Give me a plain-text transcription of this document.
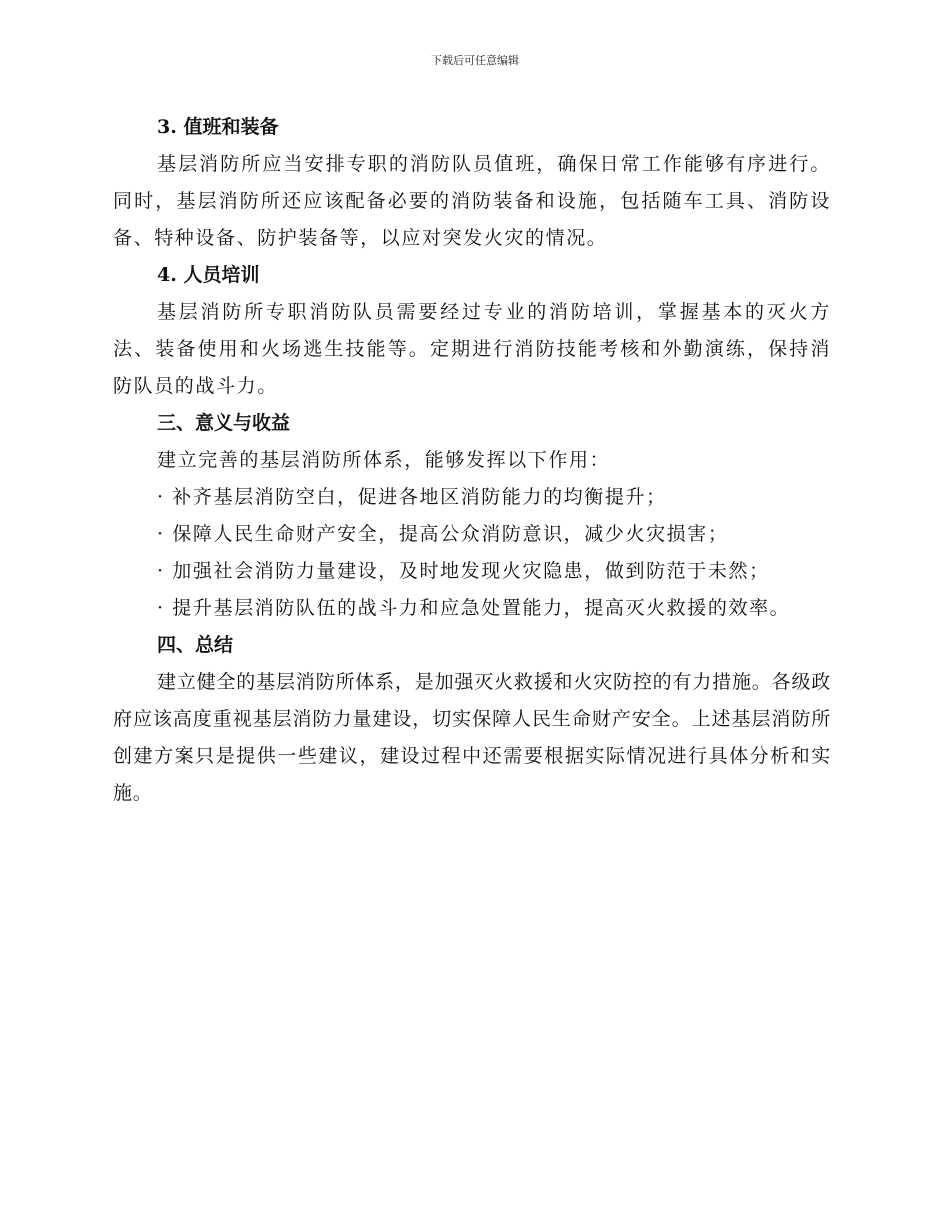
下载后可任意编辑
3. 值班和装备

基层消防所应当安排专职的消防队员值班，确保日常工作能够有序进行。同时，基层消防所还应该配备必要的消防装备和设施，包括随车工具、消防设备、特种设备、防护装备等，以应对突发火灾的情况。

4. 人员培训

基层消防所专职消防队员需要经过专业的消防培训，掌握基本的灭火方法、装备使用和火场逃生技能等。定期进行消防技能考核和外勤演练，保持消防队员的战斗力。

三、意义与收益

建立完善的基层消防所体系，能够发挥以下作用：

· 补齐基层消防空白，促进各地区消防能力的均衡提升；

· 保障人民生命财产安全，提高公众消防意识，减少火灾损害；

· 加强社会消防力量建设，及时地发现火灾隐患，做到防范于未然；

· 提升基层消防队伍的战斗力和应急处置能力，提高灭火救援的效率。

四、总结

建立健全的基层消防所体系，是加强灭火救援和火灾防控的有力措施。各级政府应该高度重视基层消防力量建设，切实保障人民生命财产安全。上述基层消防所创建方案只是提供一些建议，建设过程中还需要根据实际情况进行具体分析和实施。
